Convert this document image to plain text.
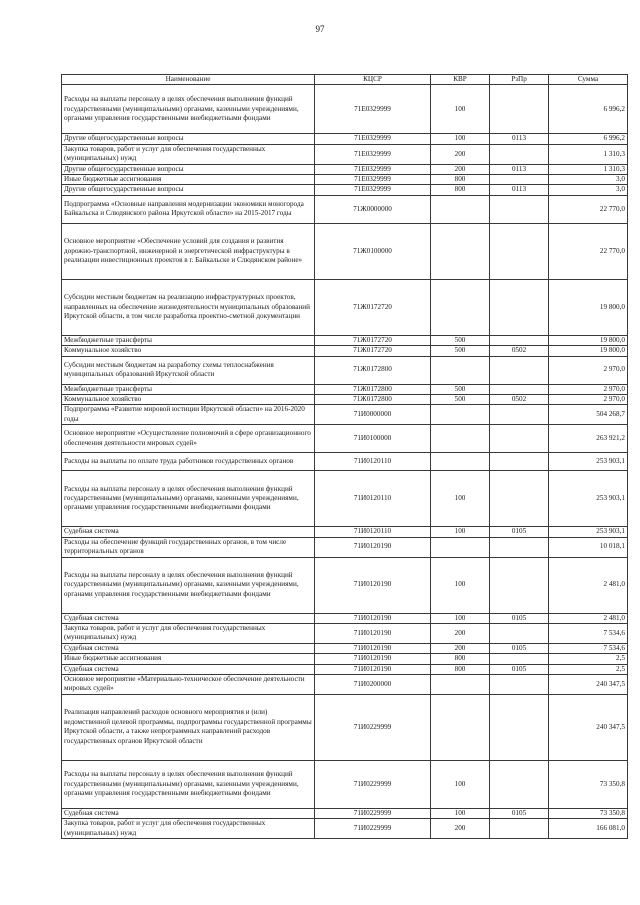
97
Наименование	КЦСР	КВР	РзПр	Сумма
Расходы на выплаты персоналу в целях обеспечения выполнения функций государственными (муниципальными) органами, казенными учреждениями, органами управления государственными внебюджетными фондами	71Е0329999	100		6 996,2
Другие общегосударственные вопросы	71Е0329999	100	0113	6 996,2
Закупка товаров, работ и услуг для обеспечения государственных (муниципальных) нужд	71Е0329999	200		1 310,3
Другие общегосударственные вопросы	71Е0329999	200	0113	1 310,3
Иные бюджетные ассигнования	71Е0329999	800		3,0
Другие общегосударственные вопросы	71Е0329999	800	0113	3,0
Подпрограмма «Основные направления модернизации экономики моногорода Байкальска и Слюдянского района Иркутской области» на 2015-2017 годы	71Ж0000000			22 770,0
Основное мероприятие «Обеспечение условий для создания и развития дорожно-транспортной, инженерной и энергетической инфраструктуры в реализации инвестиционных проектов в г. Байкальске и Слюдянском районе»	71Ж0100000			22 770,0
Субсидии местным бюджетам на реализацию инфраструктурных проектов, направленных на обеспечение жизнедеятельности муниципальных образований Иркутской области, в том числе разработка проектно-сметной документации	71Ж0172720			19 800,0
Межбюджетные трансферты	71Ж0172720	500		19 800,0
Коммунальное хозяйство	71Ж0172720	500	0502	19 800,0
Субсидии местным бюджетам на разработку схемы теплоснабжения муниципальных образований Иркутской области	71Ж0172800			2 970,0
Межбюджетные трансферты	71Ж0172800	500		2 970,0
Коммунальное хозяйство	71Ж0172800	500	0502	2 970,0
Подпрограмма «Развитие мировой юстиции Иркутской области» на 2016-2020 годы	71И0000000			504 268,7
Основное мероприятие «Осуществление полномочий в сфере организационного обеспечения деятельности мировых судей»	71И0100000			263 921,2
Расходы на выплаты по оплате труда работников государственных органов	71И0120110			253 903,1
Расходы на выплаты персоналу в целях обеспечения выполнения функций государственными (муниципальными) органами, казенными учреждениями, органами управления государственными внебюджетными фондами	71И0120110	100		253 903,1
Судебная система	71И0120110	100	0105	253 903,1
Расходы на обеспечение функций государственных органов, в том числе территориальных органов	71И0120190			10 018,1
Расходы на выплаты персоналу в целях обеспечения выполнения функций государственными (муниципальными) органами, казенными учреждениями, органами управления государственными внебюджетными фондами	71И0120190	100		2 481,0
Судебная система	71И0120190	100	0105	2 481,0
Закупка товаров, работ и услуг для обеспечения государственных (муниципальных) нужд	71И0120190	200		7 534,6
Судебная система	71И0120190	200	0105	7 534,6
Иные бюджетные ассигнования	71И0120190	800		2,5
Судебная система	71И0120190	800	0105	2,5
Основное мероприятие «Материально-техническое обеспечение деятельности мировых судей»	71И0200000			240 347,5
Реализация направлений расходов основного мероприятия и (или) ведомственной целевой программы, подпрограммы государственной программы Иркутской области, а также непрограммных направлений расходов государственных органов Иркутской области	71И0229999			240 347,5
Расходы на выплаты персоналу в целях обеспечения выполнения функций государственными (муниципальными) органами, казенными учреждениями, органами управления государственными внебюджетными фондами	71И0229999	100		73 350,8
Судебная система	71И0229999	100	0105	73 350,8
Закупка товаров, работ и услуг для обеспечения государственных (муниципальных) нужд	71И0229999	200		166 081,0
